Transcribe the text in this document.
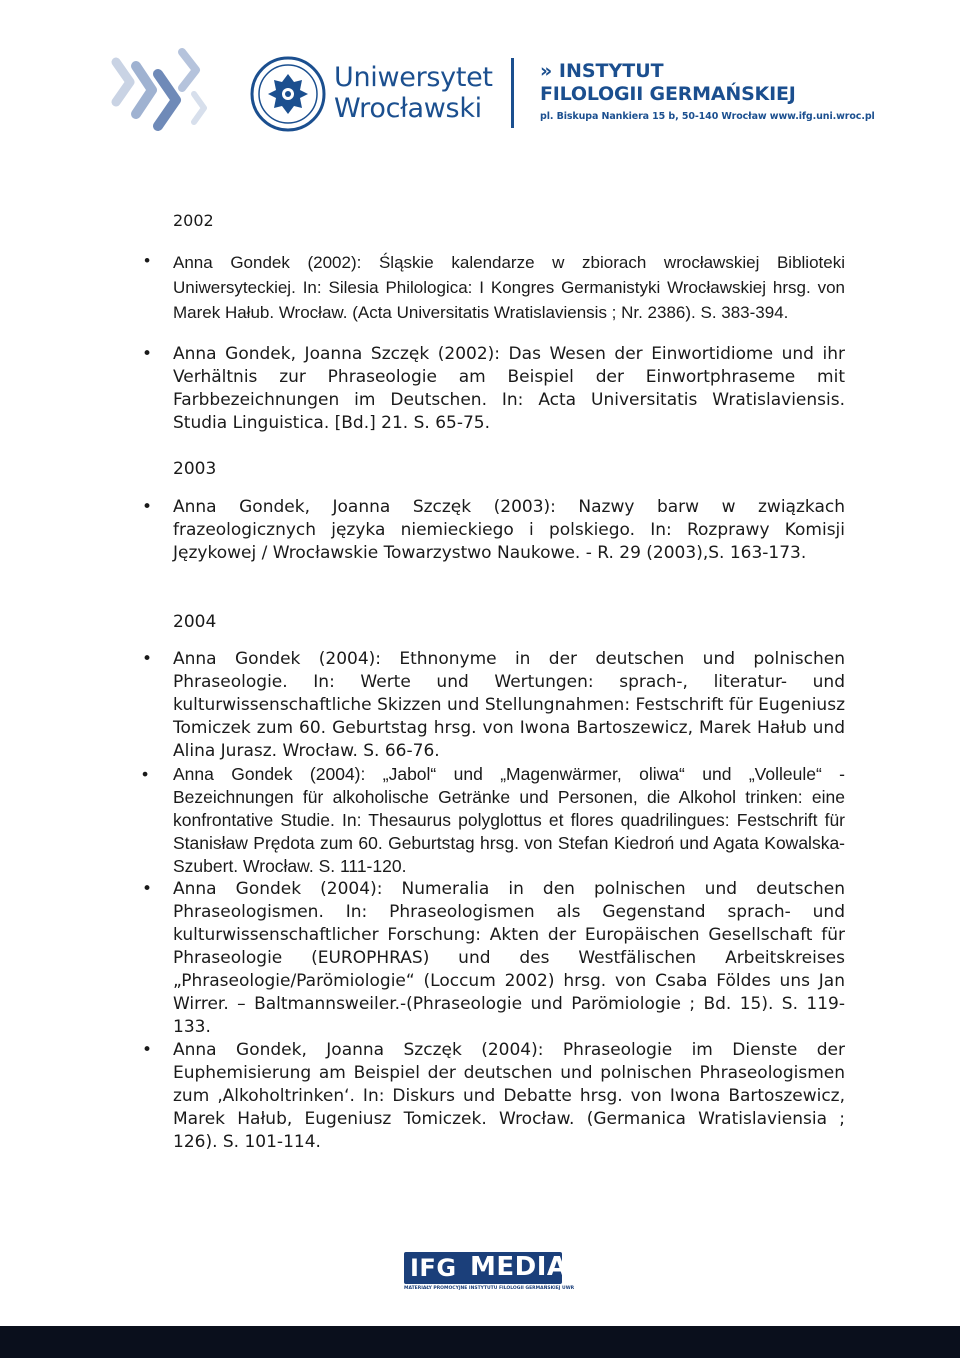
Uniwersytet
Wrocławski
» INSTYTUT
FILOLOGII GERMAŃSKIEJ
pl. Biskupa Nankiera 15 b, 50-140 Wrocław www.ifg.uni.wroc.pl
2002
• Anna Gondek (2002): Śląskie kalendarze w zbiorach wrocławskiej Biblioteki Uniwersyteckiej. In: Silesia Philologica: I Kongres Germanistyki Wrocławskiej hrsg. von Marek Hałub. Wrocław. (Acta Universitatis Wratislaviensis ; Nr. 2386). S. 383-394.
• Anna Gondek, Joanna Szczęk (2002): Das Wesen der Einwortidiome und ihr Verhältnis zur Phraseologie am Beispiel der Einwortphraseme mit Farbbezeichnungen im Deutschen. In: Acta Universitatis Wratislaviensis. Studia Linguistica. [Bd.] 21. S. 65-75.
2003
• Anna Gondek, Joanna Szczęk (2003): Nazwy barw w związkach frazeologicznych języka niemieckiego i polskiego. In: Rozprawy Komisji Językowej / Wrocławskie Towarzystwo Naukowe. - R. 29 (2003),S. 163-173.
2004
• Anna Gondek (2004): Ethnonyme in der deutschen und polnischen Phraseologie. In: Werte und Wertungen: sprach-, literatur- und kulturwissenschaftliche Skizzen und Stellungnahmen: Festschrift für Eugeniusz Tomiczek zum 60. Geburtstag hrsg. von Iwona Bartoszewicz, Marek Hałub und Alina Jurasz. Wrocław. S. 66-76.
• Anna Gondek (2004): „Jabol“ und „Magenwärmer, oliwa“ und „Volleule“ - Bezeichnungen für alkoholische Getränke und Personen, die Alkohol trinken: eine konfrontative Studie. In: Thesaurus polyglottus et flores quadrilingues: Festschrift für Stanisław Prędota zum 60. Geburtstag hrsg. von Stefan Kiedroń und Agata Kowalska-Szubert. Wrocław. S. 111-120.
• Anna Gondek (2004): Numeralia in den polnischen und deutschen Phraseologismen. In: Phraseologismen als Gegenstand sprach- und kulturwissenschaftlicher Forschung: Akten der Europäischen Gesellschaft für Phraseologie (EUROPHRAS) und des Westfälischen Arbeitskreises „Phraseologie/Parömiologie“ (Loccum 2002) hrsg. von Csaba Földes uns Jan Wirrer. – Baltmannsweiler.-(Phraseologie und Parömiologie ; Bd. 15). S. 119-133.
• Anna Gondek, Joanna Szczęk (2004): Phraseologie im Dienste der Euphemisierung am Beispiel der deutschen und polnischen Phraseologismen zum ‚Alkoholtrinken‘. In: Diskurs und Debatte hrsg. von Iwona Bartoszewicz, Marek Hałub, Eugeniusz Tomiczek. Wrocław. (Germanica Wratislaviensia ; 126). S. 101-114.
IFG MEDIA
MATERIAŁY PROMOCYJNE INSTYTUTU FILOLOGII GERMAŃSKIEJ UWR
